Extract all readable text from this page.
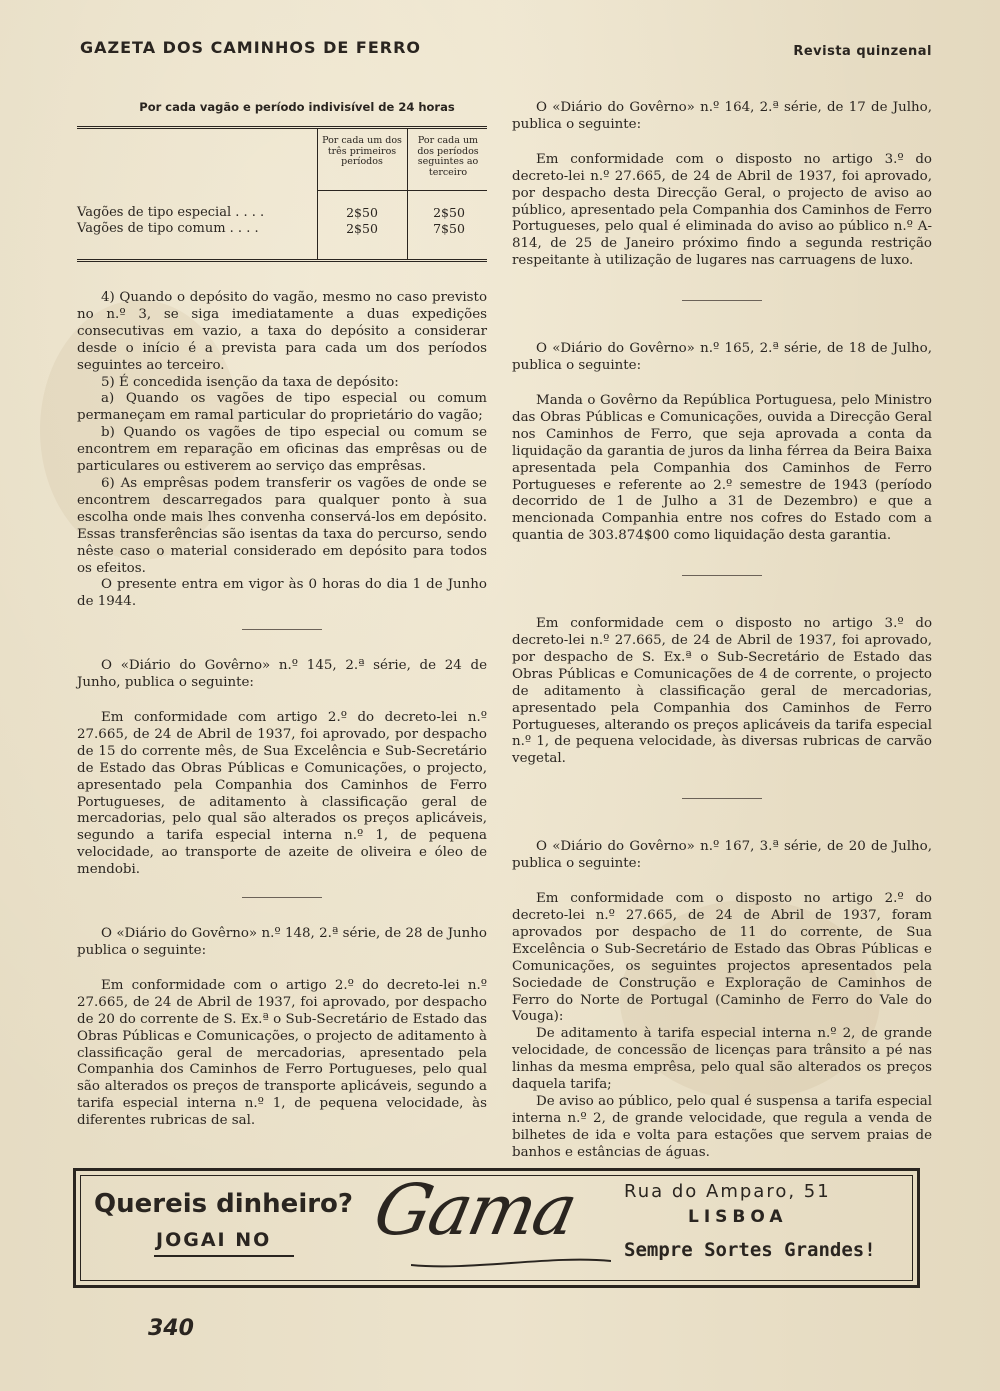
GAZETA DOS CAMINHOS DE FERRO	Revista quinzenal
Por cada vagão e período indivisível de 24 horas
Por cada um dos três primeiros períodos
Por cada um dos períodos seguintes ao terceiro
Vagões de tipo especial . . . .	2$50	2$50
Vagões de tipo comum . . . .	2$50	7$50

4) Quando o depósito do vagão, mesmo no caso previsto no n.º 3, se siga imediatamente a duas expedições consecutivas em vazio, a taxa do depósito a considerar desde o início é a prevista para cada um dos períodos seguintes ao terceiro.

5) É concedida isenção da taxa de depósito:

a) Quando os vagões de tipo especial ou comum permaneçam em ramal particular do proprietário do vagão;

b) Quando os vagões de tipo especial ou comum se encontrem em reparação em oficinas das emprêsas ou de particulares ou estiverem ao serviço das emprêsas.

6) As emprêsas podem transferir os vagões de onde se encontrem descarregados para qualquer ponto à sua escolha onde mais lhes convenha conservá-los em depósito. Essas transferências são isentas da taxa do percurso, sendo nêste caso o material considerado em depósito para todos os efeitos.

O presente entra em vigor às 0 horas do dia 1 de Junho de 1944.

O «Diário do Govêrno» n.º 145, 2.ª série, de 24 de Junho, publica o seguinte:

Em conformidade com artigo 2.º do decreto-lei n.º 27.665, de 24 de Abril de 1937, foi aprovado, por despacho de 15 do corrente mês, de Sua Excelência e Sub-Secretário de Estado das Obras Públicas e Comunicações, o projecto, apresentado pela Companhia dos Caminhos de Ferro Portugueses, de aditamento à classificação geral de mercadorias, pelo qual são alterados os preços aplicáveis, segundo a tarifa especial interna n.º 1, de pequena velocidade, ao transporte de azeite de oliveira e óleo de mendobi.

O «Diário do Govêrno» n.º 148, 2.ª série, de 28 de Junho publica o seguinte:

Em conformidade com o artigo 2.º do decreto-lei n.º 27.665, de 24 de Abril de 1937, foi aprovado, por despacho de 20 do corrente de S. Ex.ª o Sub-Secretário de Estado das Obras Públicas e Comunicações, o projecto de aditamento à classificação geral de mercadorias, apresentado pela Companhia dos Caminhos de Ferro Portugueses, pelo qual são alterados os preços de transporte aplicáveis, segundo a tarifa especial interna n.º 1, de pequena velocidade, às diferentes rubricas de sal.

O «Diário do Govêrno» n.º 164, 2.ª série, de 17 de Julho, publica o seguinte:

Em conformidade com o disposto no artigo 3.º do decreto-lei n.º 27.665, de 24 de Abril de 1937, foi aprovado, por despacho desta Direcção Geral, o projecto de aviso ao público, apresentado pela Companhia dos Caminhos de Ferro Portugueses, pelo qual é eliminada do aviso ao público n.º A-814, de 25 de Janeiro próximo findo a segunda restrição respeitante à utilização de lugares nas carruagens de luxo.

O «Diário do Govêrno» n.º 165, 2.ª série, de 18 de Julho, publica o seguinte:

Manda o Govêrno da República Portuguesa, pelo Ministro das Obras Públicas e Comunicações, ouvida a Direcção Geral nos Caminhos de Ferro, que seja aprovada a conta da liquidação da garantia de juros da linha férrea da Beira Baixa apresentada pela Companhia dos Caminhos de Ferro Portugueses e referente ao 2.º semestre de 1943 (período decorrido de 1 de Julho a 31 de Dezembro) e que a mencionada Companhia entre nos cofres do Estado com a quantia de 303.874$00 como liquidação desta garantia.

Em conformidade cem o disposto no artigo 3.º do decreto-lei n.º 27.665, de 24 de Abril de 1937, foi aprovado, por despacho de S. Ex.ª o Sub-Secretário de Estado das Obras Públicas e Comunicações de 4 de corrente, o projecto de aditamento à classificação geral de mercadorias, apresentado pela Companhia dos Caminhos de Ferro Portugueses, alterando os preços aplicáveis da tarifa especial n.º 1, de pequena velocidade, às diversas rubricas de carvão vegetal.

O «Diário do Govêrno» n.º 167, 3.ª série, de 20 de Julho, publica o seguinte:

Em conformidade com o disposto no artigo 2.º do decreto-lei n.º 27.665, de 24 de Abril de 1937, foram aprovados por despacho de 11 do corrente, de Sua Excelência o Sub-Secretário de Estado das Obras Públicas e Comunicações, os seguintes projectos apresentados pela Sociedade de Construção e Exploração de Caminhos de Ferro do Norte de Portugal (Caminho de Ferro do Vale do Vouga):

De aditamento à tarifa especial interna n.º 2, de grande velocidade, de concessão de licenças para trânsito a pé nas linhas da mesma emprêsa, pelo qual são alterados os preços daquela tarifa;

De aviso ao público, pelo qual é suspensa a tarifa especial interna n.º 2, de grande velocidade, que regula a venda de bilhetes de ida e volta para estações que servem praias de banhos e estâncias de águas.

Quereis dinheiro?
JOGAI NO Gama Rua do Amparo, 51
LISBOA
Sempre Sortes Grandes!
340
